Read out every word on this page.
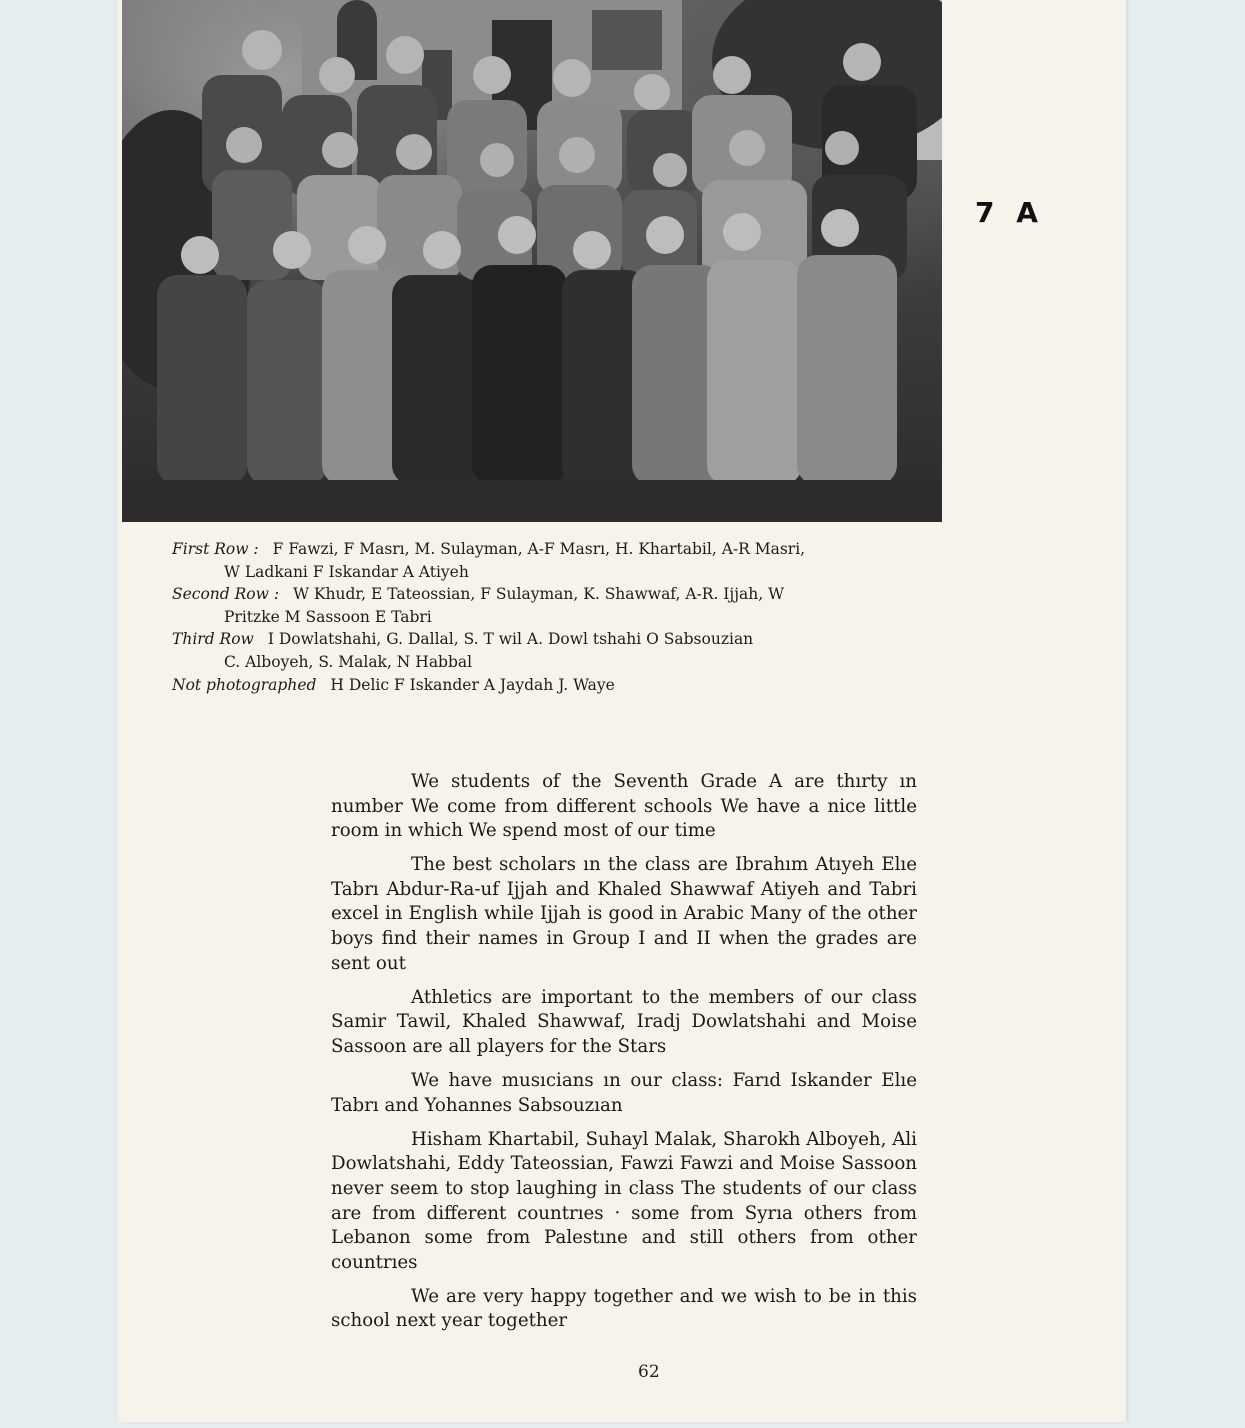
7 A
First Row : F Fawzi, F Masrı, M. Sulayman, A-F Masrı, H. Khartabil, A-R Masri,
W Ladkani F Iskandar A Atiyeh
Second Row : W Khudr, E Tateossian, F Sulayman, K. Shawwaf, A-R. Ijjah, W
Pritzke M Sassoon E Tabri
Third Row I Dowlatshahi, G. Dallal, S. T wil A. Dowl tshahi O Sabsouzian
C. Alboyeh, S. Malak, N Habbal
Not photographed H Delic F Iskander A Jaydah J. Waye

We students of the Seventh Grade A are thırty ın number We come from different schools We have a nice little room in which We spend most of our time

The best scholars ın the class are Ibrahım Atıyeh Elıe Tabrı Abdur-Ra-uf Ijjah and Khaled Shawwaf Atiyeh and Tabri excel in English while Ijjah is good in Arabic Many of the other boys find their names in Group I and II when the grades are sent out

Athletics are important to the members of our class Samir Tawil, Khaled Shawwaf, Iradj Dowlatshahi and Moise Sassoon are all players for the Stars

We have musıcians ın our class: Farıd Iskander Elıe Tabrı and Yohannes Sabsouzıan

Hisham Khartabil, Suhayl Malak, Sharokh Alboyeh, Ali Dowlatshahi, Eddy Tateossian, Fawzi Fawzi and Moise Sassoon never seem to stop laughing in class The students of our class are from different countrıes · some from Syrıa others from Lebanon some from Palestıne and still others from other countrıes

We are very happy together and we wish to be in this school next year together

62
